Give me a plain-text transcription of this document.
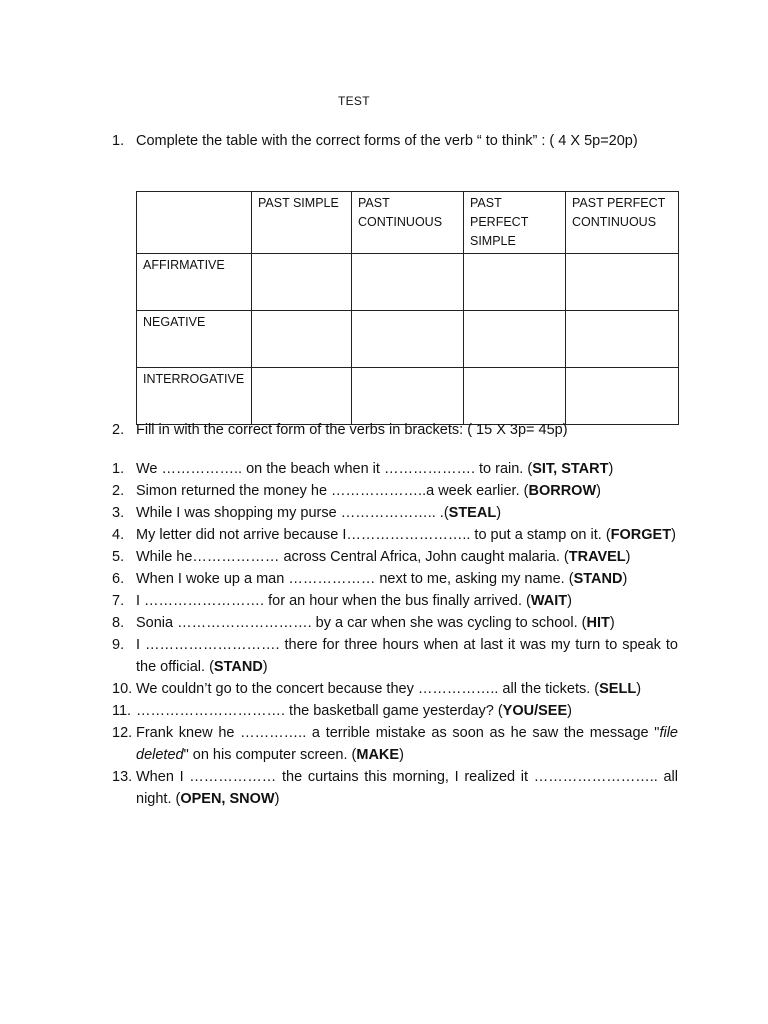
TEST
1. Complete the table with the correct forms of the verb “ to think” : ( 4 X 5p=20p)
	PAST SIMPLE	PAST CONTINUOUS	PAST PERFECT SIMPLE	PAST PERFECT CONTINUOUS
AFFIRMATIVE				
NEGATIVE				
INTERROGATIVE				
2. Fill in with the correct form of the verbs in brackets: ( 15 X 3p= 45p)
1. We …………….. on the beach when it ………………. to rain. (SIT, START)
2. Simon returned the money he ………………..a week earlier. (BORROW)
3. While I was shopping my purse ……………….. .(STEAL)
4. My letter did not arrive because I…………………….. to put a stamp on it. (FORGET)
5. While he……………… across Central Africa, John caught malaria. (TRAVEL)
6. When I woke up a man ……………… next to me, asking my name. (STAND)
7. I ……………………. for an hour when the bus finally arrived. (WAIT)
8. Sonia ………………………. by a car when she was cycling to school. (HIT)
9. I ………………………. there for three hours when at last it was my turn to speak to the official. (STAND)
10. We couldn’t go to the concert because they …………….. all the tickets. (SELL)
11. …………………………. the basketball game yesterday? (YOU/SEE)
12. Frank knew he ………….. a terrible mistake as soon as he saw the message "file deleted" on his computer screen. (MAKE)
13. When I ……………… the curtains this morning, I realized it …………………….. all night. (OPEN, SNOW)
